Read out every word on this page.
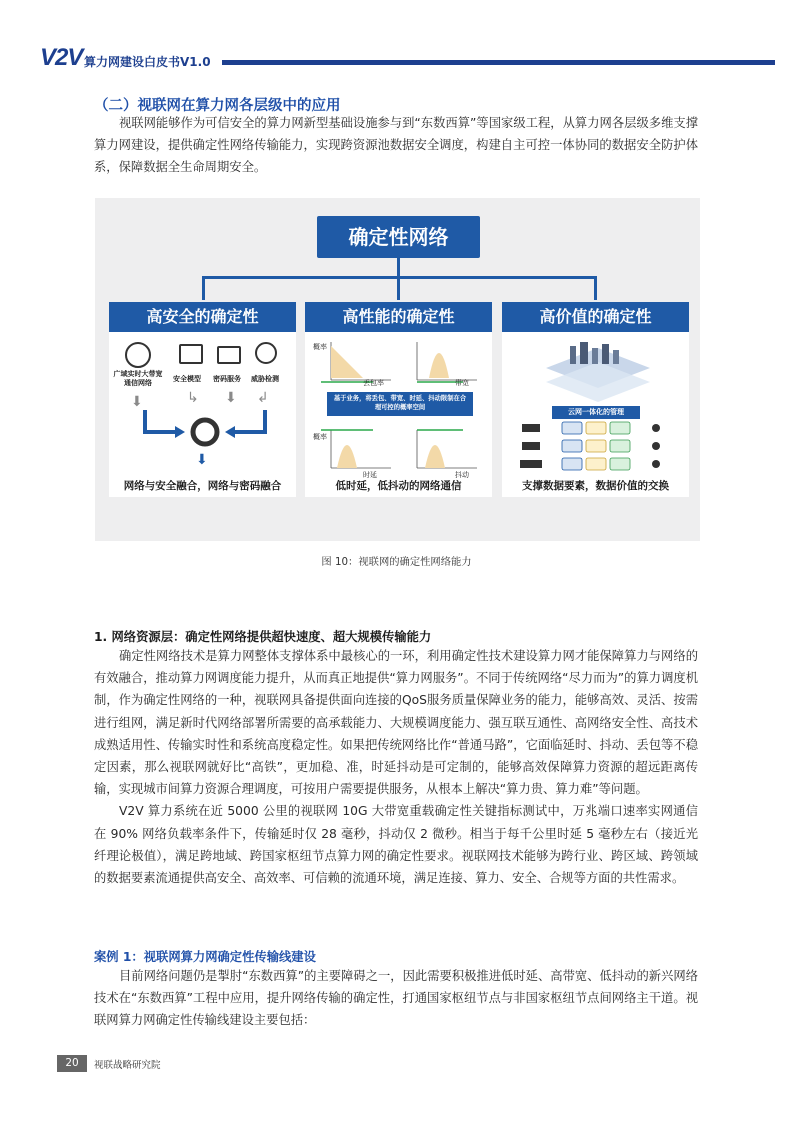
V2V 算力网建设白皮书V1.0
（二）视联网在算力网各层级中的应用

视联网能够作为可信安全的算力网新型基础设施参与到“东数西算”等国家级工程，从算力网各层级多维支撑算力网建设，提供确定性网络传输能力，实现跨资源池数据安全调度，构建自主可控一体协同的数据安全防护体系，保障数据全生命周期安全。

确定性网络
高安全的确定性
广域实时大带宽通信网络
⬇
安全模型 密码服务 威胁检测
↳ ⬇ ↲
⬇
网络与安全融合，网络与密码融合
高性能的确定性
概率
丢包率	带宽
基于业务，将丢包、带宽、时延、抖动限制在合理可控的概率空间
概率
时延	抖动
低时延，低抖动的网络通信
高价值的确定性
云网一体化的管理
支撑数据要素，数据价值的交换
图 10：视联网的确定性网络能力
1. 网络资源层：确定性网络提供超快速度、超大规模传输能力

确定性网络技术是算力网整体支撑体系中最核心的一环，利用确定性技术建设算力网才能保障算力与网络的有效融合，推动算力网调度能力提升，从而真正地提供“算力网服务”。不同于传统网络“尽力而为”的算力调度机制，作为确定性网络的一种，视联网具备提供面向连接的QoS服务质量保障业务的能力，能够高效、灵活、按需进行组网，满足新时代网络部署所需要的高承载能力、大规模调度能力、强互联互通性、高网络安全性、高技术成熟适用性、传输实时性和系统高度稳定性。如果把传统网络比作“普通马路”，它面临延时、抖动、丢包等不稳定因素，那么视联网就好比“高铁”，更加稳、准，时延抖动是可定制的，能够高效保障算力资源的超远距离传输，实现城市间算力资源合理调度，可按用户需要提供服务，从根本上解决“算力贵、算力难”等问题。

V2V 算力系统在近 5000 公里的视联网 10G 大带宽重载确定性关键指标测试中，万兆端口速率实网通信在 90% 网络负载率条件下，传输延时仅 28 毫秒，抖动仅 2 微秒。相当于每千公里时延 5 毫秒左右（接近光纤理论极值），满足跨地域、跨国家枢纽节点算力网的确定性要求。视联网技术能够为跨行业、跨区域、跨领域的数据要素流通提供高安全、高效率、可信赖的流通环境，满足连接、算力、安全、合规等方面的共性需求。

案例 1：视联网算力网确定性传输线建设

目前网络问题仍是掣肘“东数西算”的主要障碍之一，因此需要积极推进低时延、高带宽、低抖动的新兴网络技术在“东数西算”工程中应用，提升网络传输的确定性，打通国家枢纽节点与非国家枢纽节点间网络主干道。视联网算力网确定性传输线建设主要包括：

20	视联战略研究院
